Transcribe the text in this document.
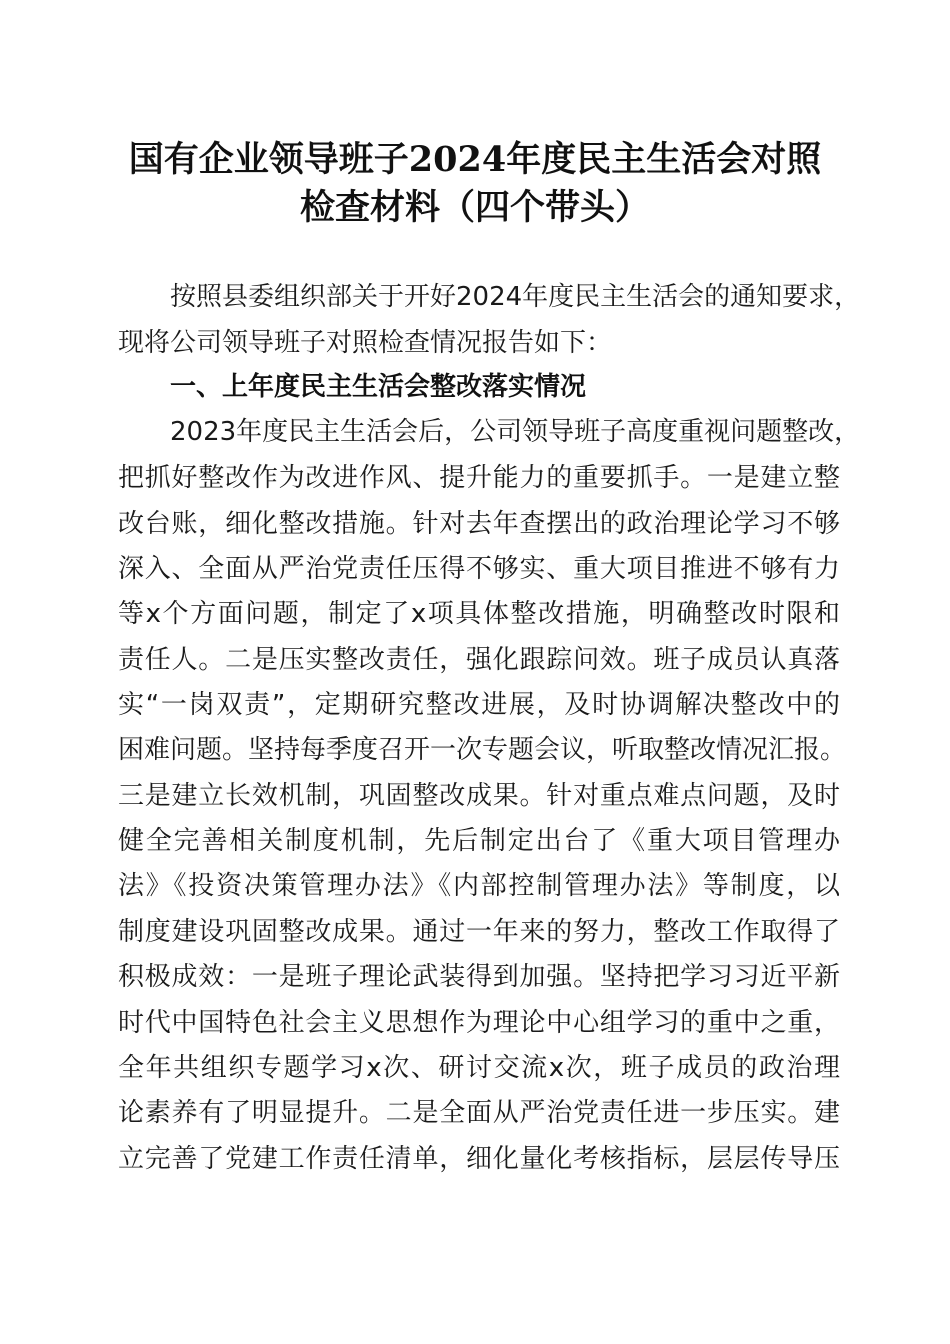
国有企业领导班子2024年度民主生活会对照
检查材料（四个带头）
按照县委组织部关于开好2024年度民主生活会的通知要求，
现将公司领导班子对照检查情况报告如下：
一、上年度民主生活会整改落实情况
2023年度民主生活会后，公司领导班子高度重视问题整改，
把抓好整改作为改进作风、提升能力的重要抓手。一是建立整
改台账，细化整改措施。针对去年查摆出的政治理论学习不够
深入、全面从严治党责任压得不够实、重大项目推进不够有力
等x个方面问题，制定了x项具体整改措施，明确整改时限和
责任人。二是压实整改责任，强化跟踪问效。班子成员认真落
实“一岗双责”，定期研究整改进展，及时协调解决整改中的
困难问题。坚持每季度召开一次专题会议，听取整改情况汇报。
三是建立长效机制，巩固整改成果。针对重点难点问题，及时
健全完善相关制度机制，先后制定出台了《重大项目管理办
法》《投资决策管理办法》《内部控制管理办法》等制度，以
制度建设巩固整改成果。通过一年来的努力，整改工作取得了
积极成效：一是班子理论武装得到加强。坚持把学习习近平新
时代中国特色社会主义思想作为理论中心组学习的重中之重，
全年共组织专题学习x次、研讨交流x次，班子成员的政治理
论素养有了明显提升。二是全面从严治党责任进一步压实。建
立完善了党建工作责任清单，细化量化考核指标，层层传导压
